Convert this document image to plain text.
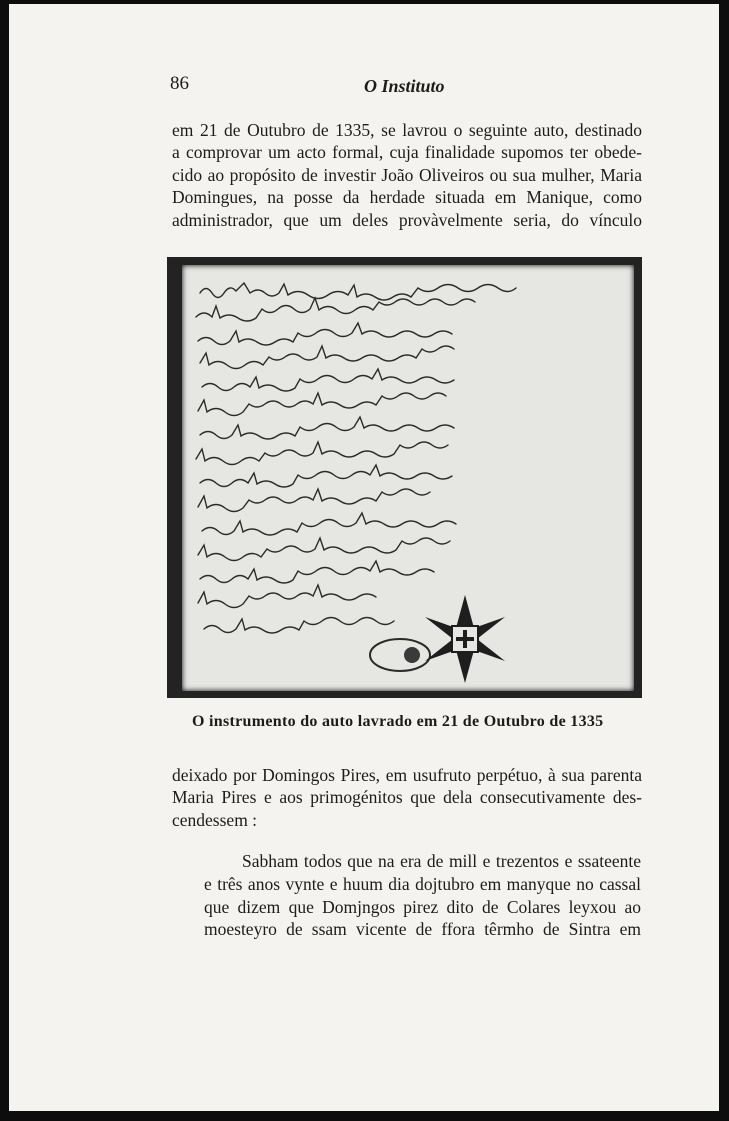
86	O Instituto
em 21 de Outubro de 1335, se lavrou o seguinte auto, destinado
a comprovar um acto formal, cuja finalidade supomos ter obede-
cido ao propósito de investir João Oliveiros ou sua mulher, Maria
Domingues, na posse da herdade situada em Manique, como
administrador, que um deles provàvelmente seria, do vínculo
O instrumento do auto lavrado em 21 de Outubro de 1335
deixado por Domingos Pires, em usufruto perpétuo, à sua parenta
Maria Pires e aos primogénitos que dela consecutivamente des-
cendessem :
Sabham todos que na era de mill e trezentos e ssateente
e três anos vynte e huum dia dojtubro em manyque no cassal
que dizem que Domjngos pirez dito de Colares leyxou ao
moesteyro de ssam vicente de ffora têrmho de Sintra em
